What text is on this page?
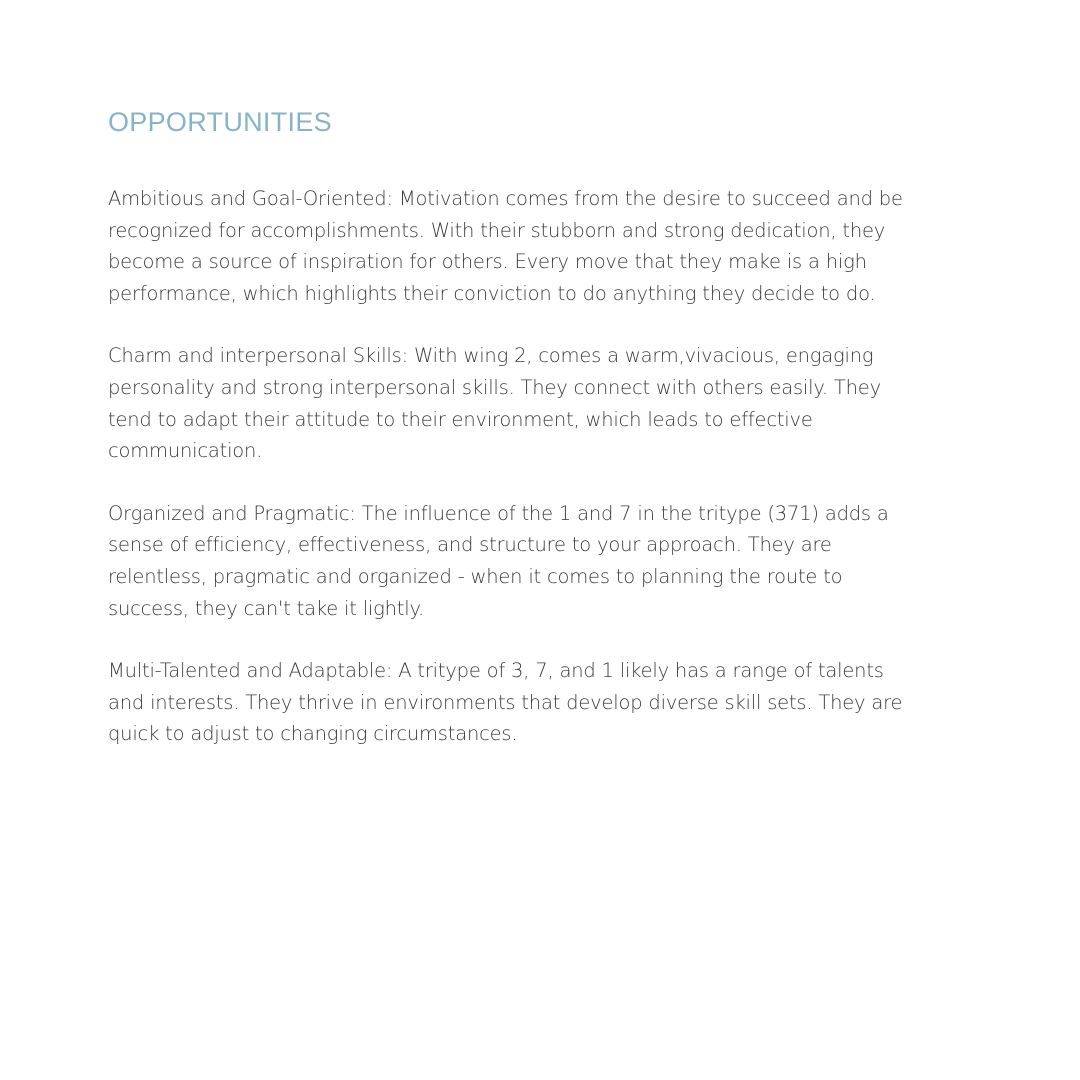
OPPORTUNITIES

Ambitious and Goal-Oriented: Motivation comes from the desire to succeed and be recognized for accomplishments. With their stubborn and strong dedication, they become a source of inspiration for others. Every move that they make is a high performance, which highlights their conviction to do anything they decide to do.

Charm and interpersonal Skills: With wing 2, comes a warm,vivacious, engaging personality and strong interpersonal skills. They connect with others easily. They tend to adapt their attitude to their environment, which leads to effective communication.

Organized and Pragmatic: The influence of the 1 and 7 in the tritype (371) adds a sense of efficiency, effectiveness, and structure to your approach. They are relentless, pragmatic and organized - when it comes to planning the route to success, they can't take it lightly.

Multi-Talented and Adaptable: A tritype of 3, 7, and 1 likely has a range of talents and interests. They thrive in environments that develop diverse skill sets. They are quick to adjust to changing circumstances.
